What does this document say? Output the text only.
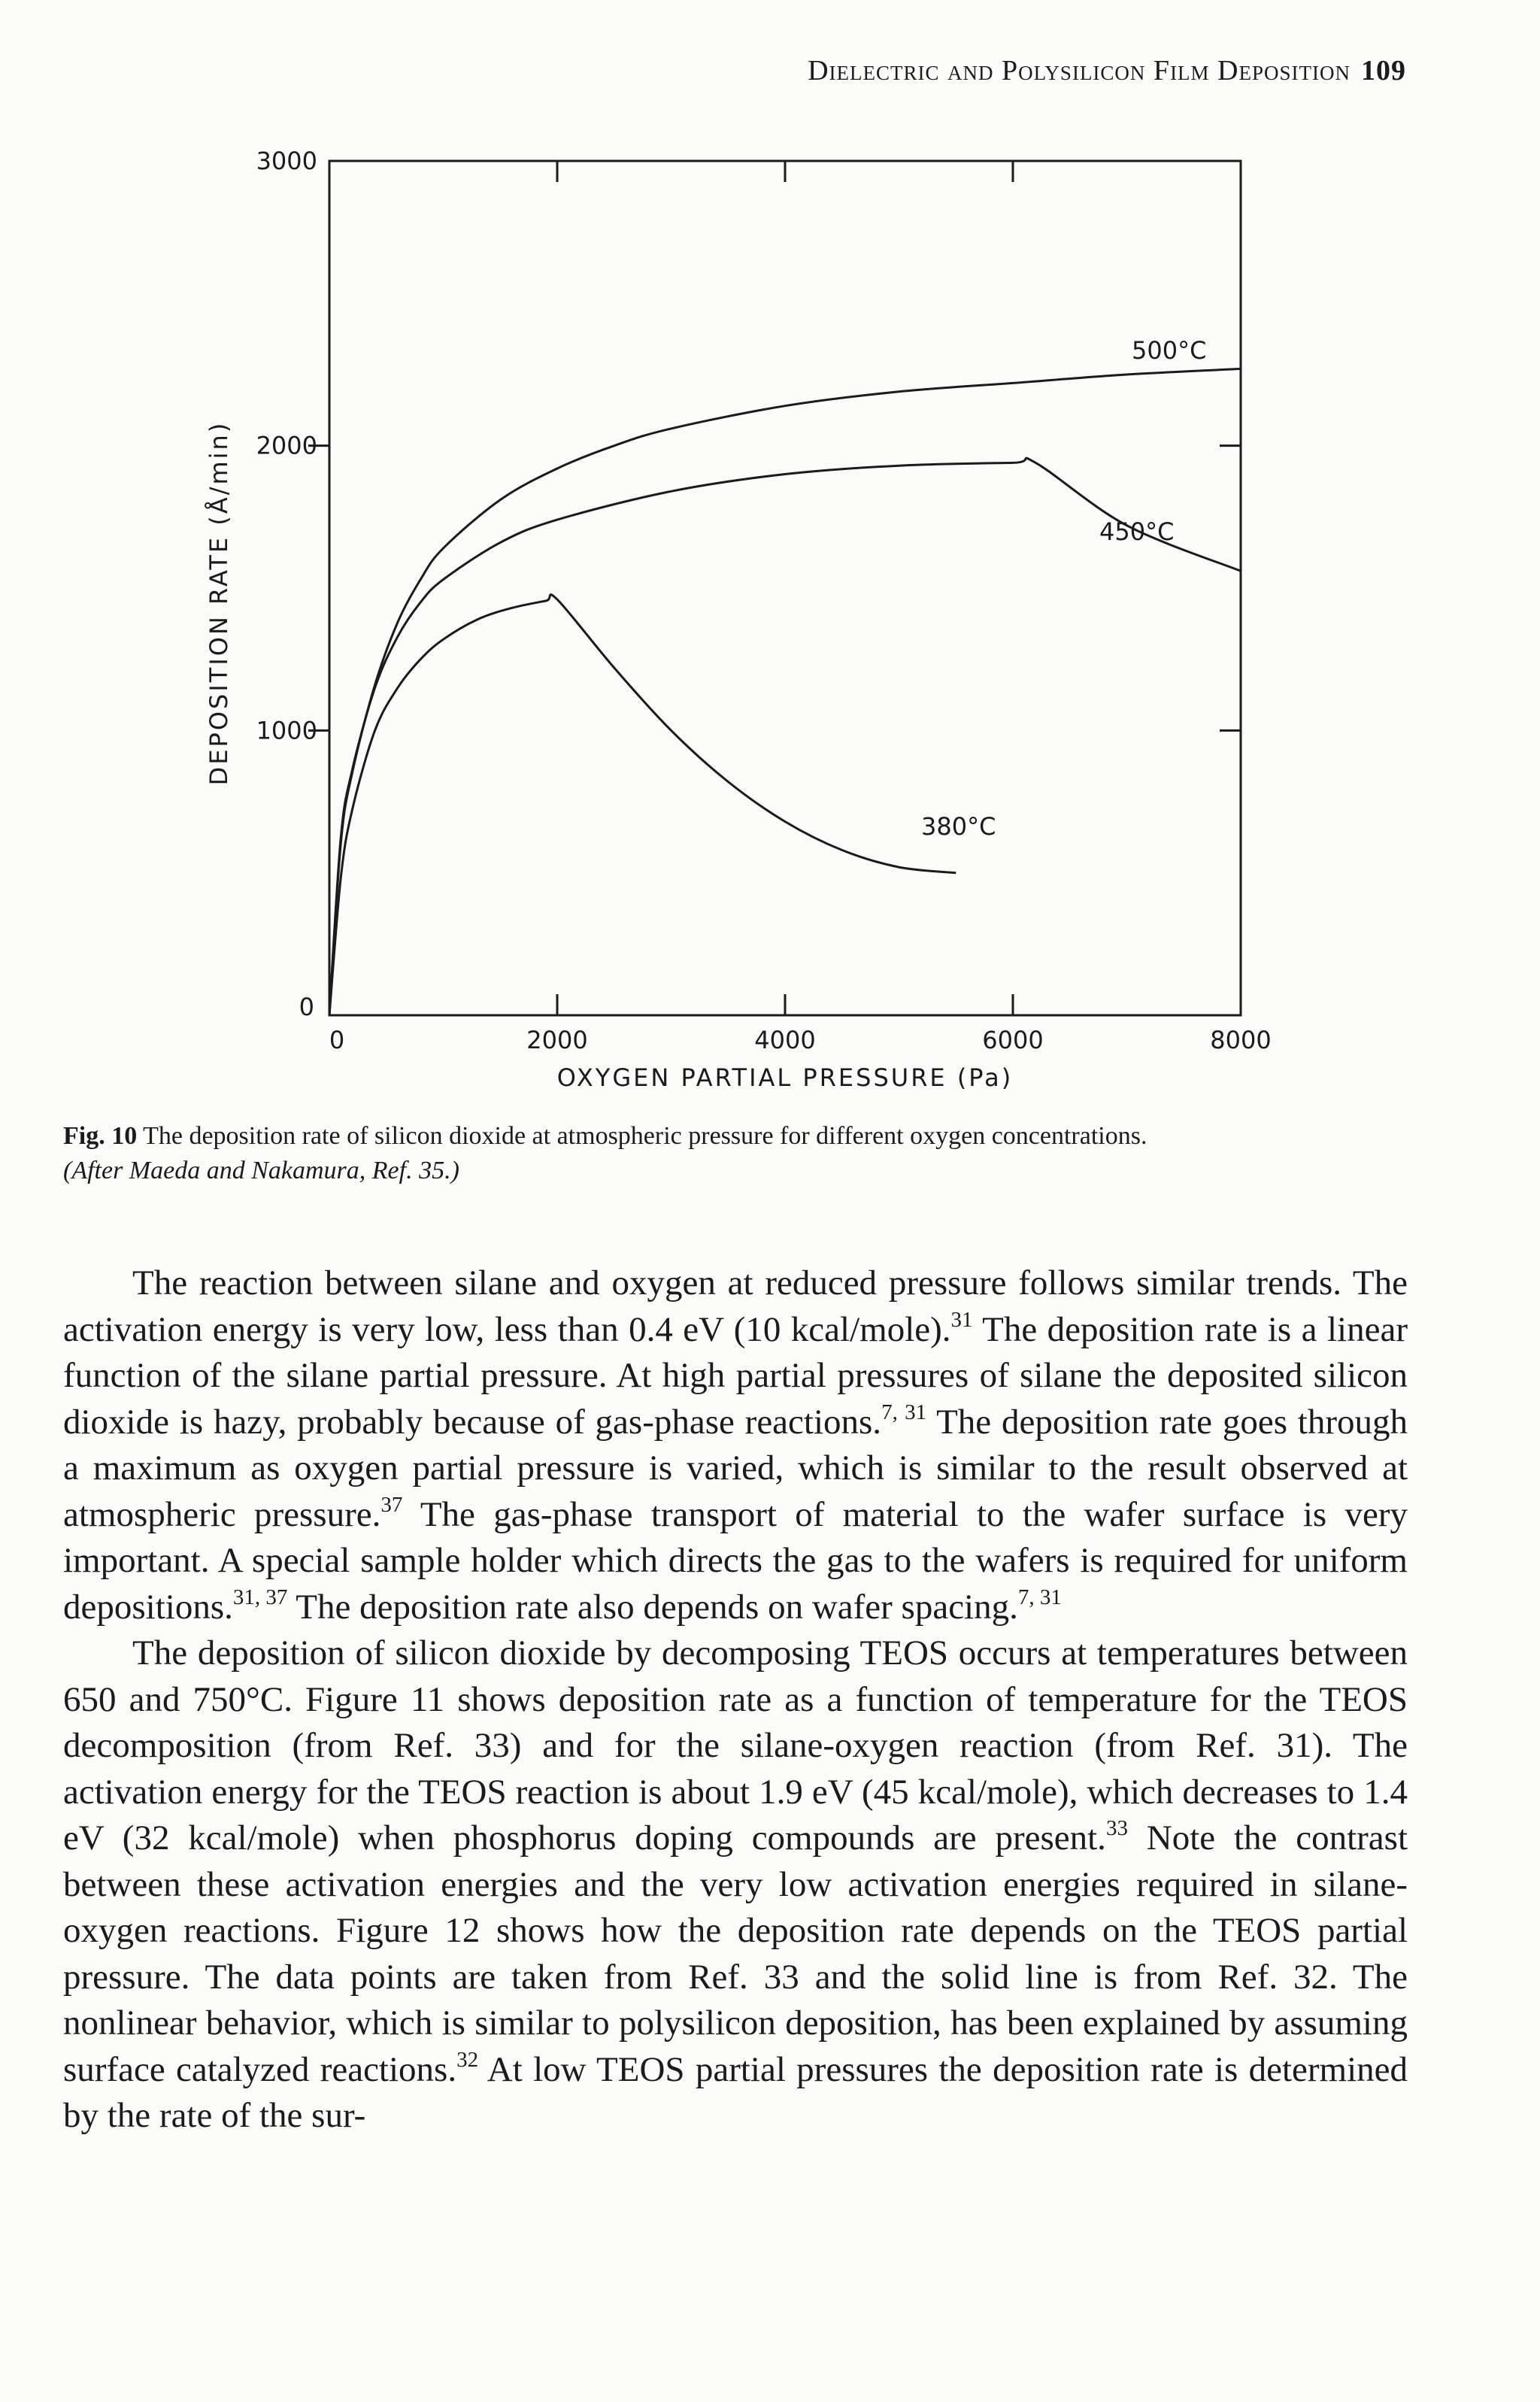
Dielectric and Polysilicon Film Deposition 109
0	2000	4000	6000	8000
0
1000
2000
3000
500°C
450°C
380°C
DEPOSITION RATE (Å/min)
OXYGEN PARTIAL PRESSURE (Pa)
Fig. 10 The deposition rate of silicon dioxide at atmospheric pressure for different oxygen concentrations.
(After Maeda and Nakamura, Ref. 35.)

The reaction between silane and oxygen at reduced pressure follows similar trends. The activation energy is very low, less than 0.4 eV (10 kcal/mole).$^{31}$ The deposition rate is a linear function of the silane partial pressure. At high partial pressures of silane the deposited silicon dioxide is hazy, probably because of gas-phase reactions.$^{7, 31}$ The deposition rate goes through a maximum as oxygen partial pressure is varied, which is similar to the result observed at atmospheric pressure.$^{37}$ The gas-phase transport of material to the wafer surface is very important. A special sample holder which directs the gas to the wafers is required for uniform depositions.$^{31, 37}$ The deposition rate also depends on wafer spacing.$^{7, 31}$

The deposition of silicon dioxide by decomposing TEOS occurs at temperatures between 650 and 750°C. Figure 11 shows deposition rate as a function of temperature for the TEOS decomposition (from Ref. 33) and for the silane-oxygen reaction (from Ref. 31). The activation energy for the TEOS reaction is about 1.9 eV (45 kcal/mole), which decreases to 1.4 eV (32 kcal/mole) when phosphorus doping compounds are present.$^{33}$ Note the contrast between these activation energies and the very low activation energies required in silane-oxygen reactions. Figure 12 shows how the deposition rate depends on the TEOS partial pressure. The data points are taken from Ref. 33 and the solid line is from Ref. 32. The nonlinear behavior, which is similar to polysilicon deposition, has been explained by assuming surface catalyzed reactions.$^{32}$ At low TEOS partial pressures the deposition rate is determined by the rate of the sur-
